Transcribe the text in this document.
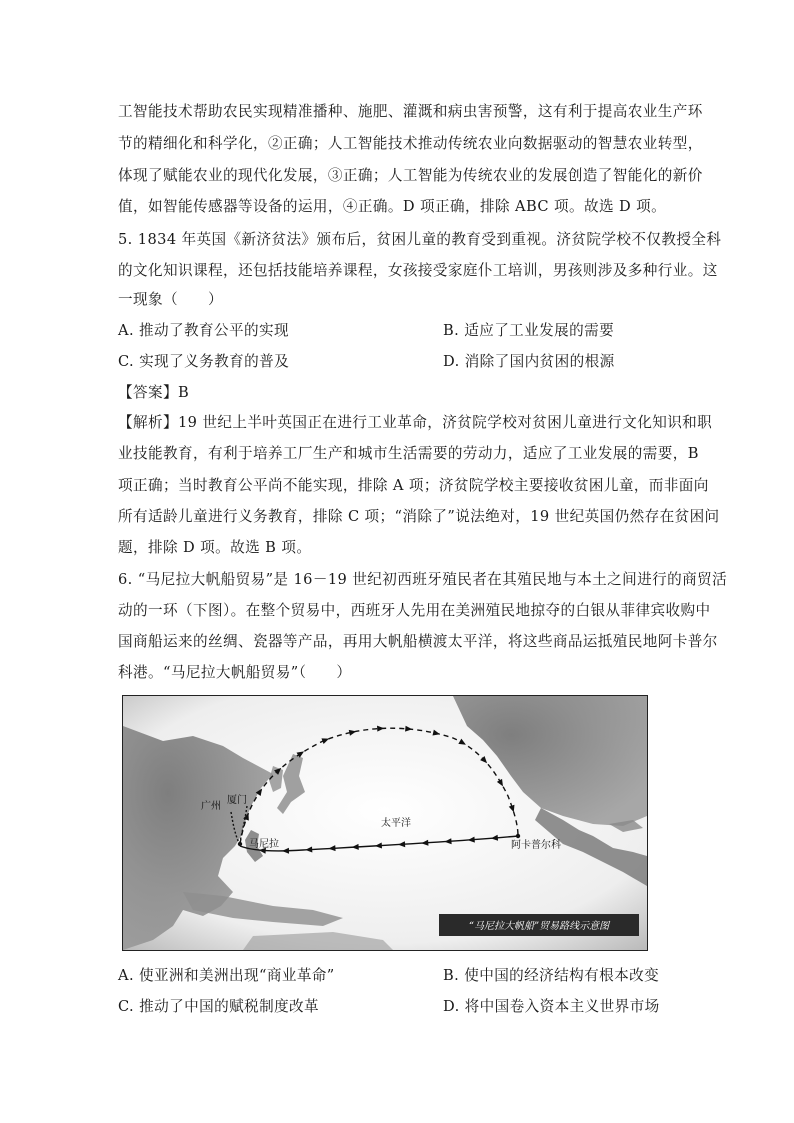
工智能技术帮助农民实现精准播种、施肥、灌溉和病虫害预警，这有利于提高农业生产环
节的精细化和科学化，②正确；人工智能技术推动传统农业向数据驱动的智慧农业转型，
体现了赋能农业的现代化发展，③正确；人工智能为传统农业的发展创造了智能化的新价
值，如智能传感器等设备的运用，④正确。D 项正确，排除 ABC 项。故选 D 项。
5. 1834 年英国《新济贫法》颁布后，贫困儿童的教育受到重视。济贫院学校不仅教授全科
的文化知识课程，还包括技能培养课程，女孩接受家庭仆工培训，男孩则涉及多种行业。这
一现象（　　）
A. 推动了教育公平的实现	B. 适应了工业发展的需要
C. 实现了义务教育的普及	D. 消除了国内贫困的根源
【答案】B
【解析】19 世纪上半叶英国正在进行工业革命，济贫院学校对贫困儿童进行文化知识和职
业技能教育，有利于培养工厂生产和城市生活需要的劳动力，适应了工业发展的需要，B
项正确；当时教育公平尚不能实现，排除 A 项；济贫院学校主要接收贫困儿童，而非面向
所有适龄儿童进行义务教育，排除 C 项；“消除了”说法绝对，19 世纪英国仍然存在贫困问
题，排除 D 项。故选 B 项。
6. “马尼拉大帆船贸易”是 16－19 世纪初西班牙殖民者在其殖民地与本土之间进行的商贸活
动的一环（下图）。在整个贸易中，西班牙人先用在美洲殖民地掠夺的白银从菲律宾收购中
国商船运来的丝绸、瓷器等产品，再用大帆船横渡太平洋，将这些商品运抵殖民地阿卡普尔
科港。“马尼拉大帆船贸易”（　　）
广州
厦门
马尼拉
太平洋
阿卡普尔科
“马尼拉大帆船”贸易路线示意图
A. 使亚洲和美洲出现“商业革命”	B. 使中国的经济结构有根本改变
C. 推动了中国的赋税制度改革	D. 将中国卷入资本主义世界市场
